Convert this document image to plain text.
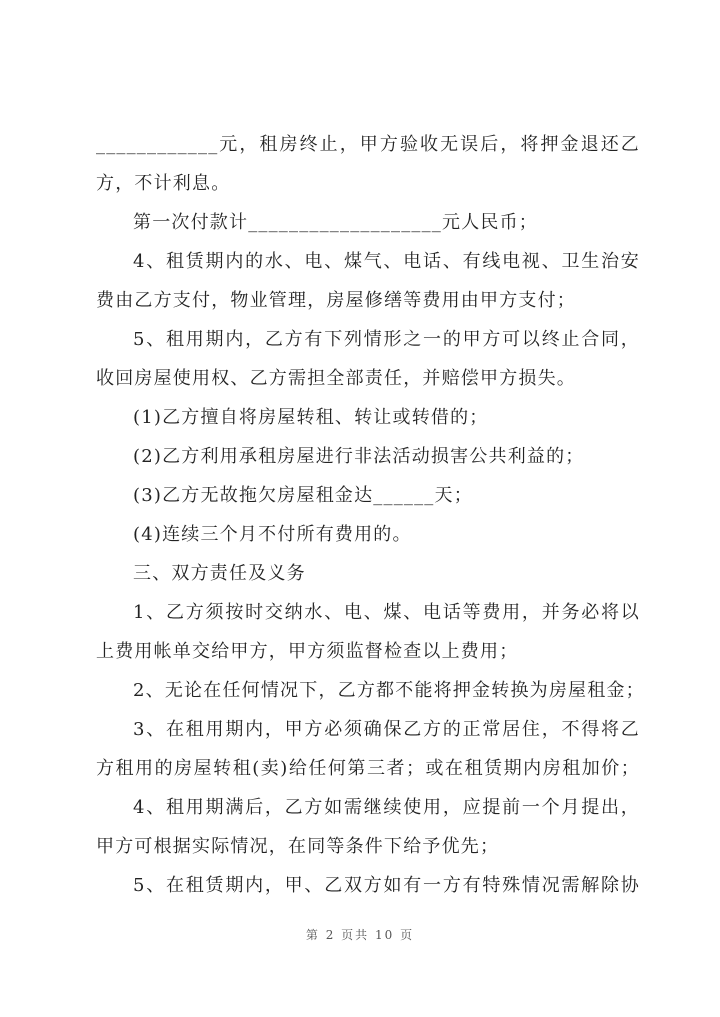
____________元，租房终止，甲方验收无误后，将押金退还乙
方，不计利息。
第一次付款计___________________元人民币；
4、租赁期内的水、电、煤气、电话、有线电视、卫生治安
费由乙方支付，物业管理，房屋修缮等费用由甲方支付；
5、租用期内，乙方有下列情形之一的甲方可以终止合同，
收回房屋使用权、乙方需担全部责任，并赔偿甲方损失。
(1)乙方擅自将房屋转租、转让或转借的；
(2)乙方利用承租房屋进行非法活动损害公共利益的；
(3)乙方无故拖欠房屋租金达______天；
(4)连续三个月不付所有费用的。
三、双方责任及义务
1、乙方须按时交纳水、电、煤、电话等费用，并务必将以
上费用帐单交给甲方，甲方须监督检查以上费用；
2、无论在任何情况下，乙方都不能将押金转换为房屋租金；
3、在租用期内，甲方必须确保乙方的正常居住，不得将乙
方租用的房屋转租(卖)给任何第三者；或在租赁期内房租加价；
4、租用期满后，乙方如需继续使用，应提前一个月提出，
甲方可根据实际情况，在同等条件下给予优先；
5、在租赁期内，甲、乙双方如有一方有特殊情况需解除协
第 2 页共 10 页
